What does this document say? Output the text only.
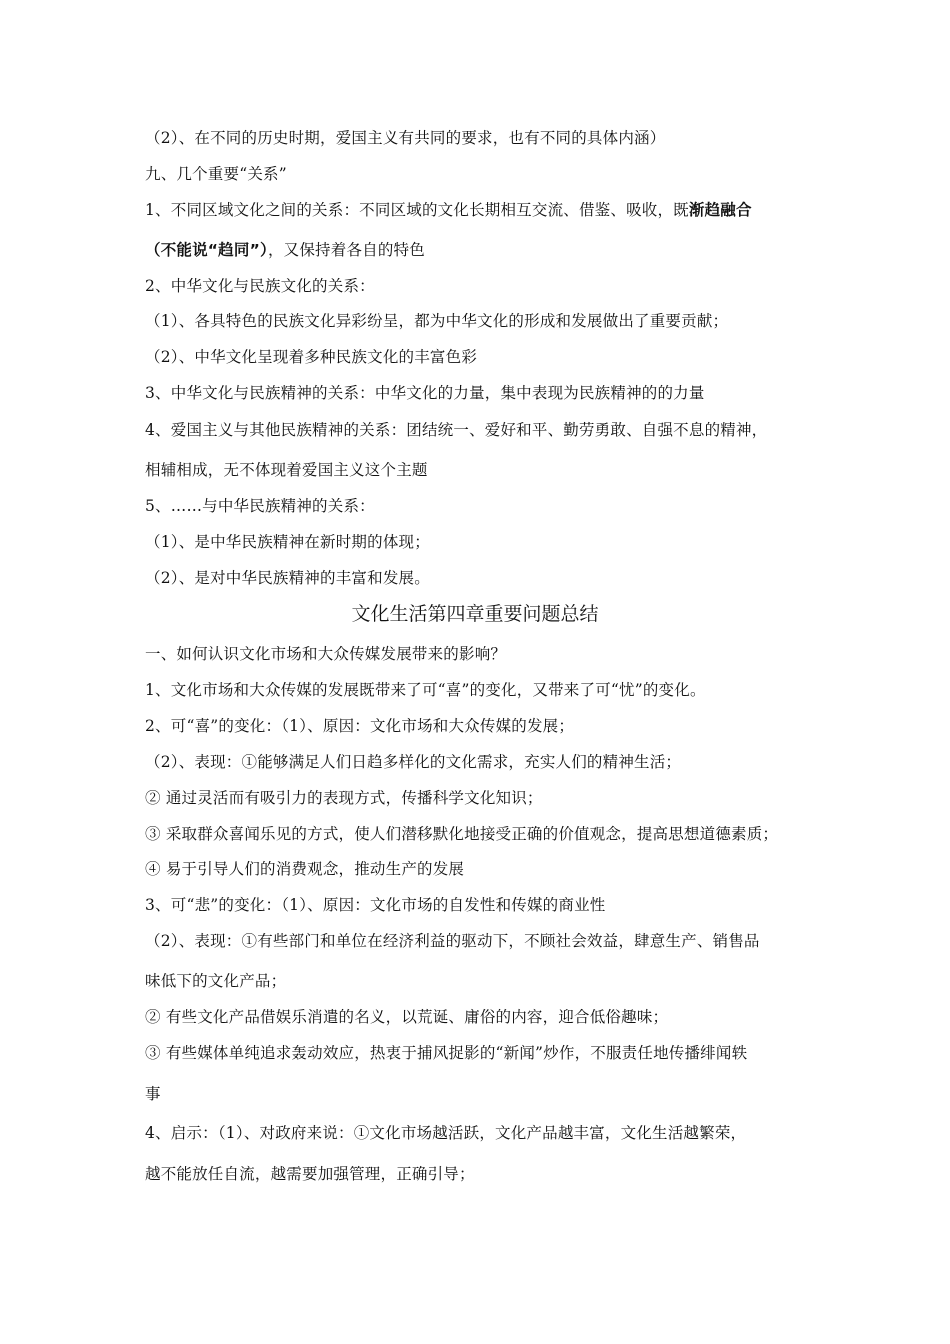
（2）、在不同的历史时期，爱国主义有共同的要求，也有不同的具体内涵）
九、几个重要“关系”
1、不同区域文化之间的关系：不同区域的文化长期相互交流、借鉴、吸收，既渐趋融合
（不能说“趋同”），又保持着各自的特色
2、中华文化与民族文化的关系：
（1）、各具特色的民族文化异彩纷呈，都为中华文化的形成和发展做出了重要贡献；
（2）、中华文化呈现着多种民族文化的丰富色彩
3、中华文化与民族精神的关系：中华文化的力量，集中表现为民族精神的的力量
4、爱国主义与其他民族精神的关系：团结统一、爱好和平、勤劳勇敢、自强不息的精神，
相辅相成，无不体现着爱国主义这个主题
5、……与中华民族精神的关系：
（1）、是中华民族精神在新时期的体现；
（2）、是对中华民族精神的丰富和发展。
文化生活第四章重要问题总结
一、如何认识文化市场和大众传媒发展带来的影响？
1、文化市场和大众传媒的发展既带来了可“喜”的变化，又带来了可“忧”的变化。
2、可“喜”的变化：（1）、原因：文化市场和大众传媒的发展；
（2）、表现：①能够满足人们日趋多样化的文化需求，充实人们的精神生活；
② 通过灵活而有吸引力的表现方式，传播科学文化知识；
③ 采取群众喜闻乐见的方式，使人们潜移默化地接受正确的价值观念，提高思想道德素质；
④ 易于引导人们的消费观念，推动生产的发展
3、可“悲”的变化：（1）、原因：文化市场的自发性和传媒的商业性
（2）、表现：①有些部门和单位在经济利益的驱动下，不顾社会效益，肆意生产、销售品
味低下的文化产品；
② 有些文化产品借娱乐消遣的名义，以荒诞、庸俗的内容，迎合低俗趣味；
③ 有些媒体单纯追求轰动效应，热衷于捕风捉影的“新闻”炒作，不服责任地传播绯闻轶
事
4、启示：（1）、对政府来说：①文化市场越活跃，文化产品越丰富，文化生活越繁荣，
越不能放任自流，越需要加强管理，正确引导；
